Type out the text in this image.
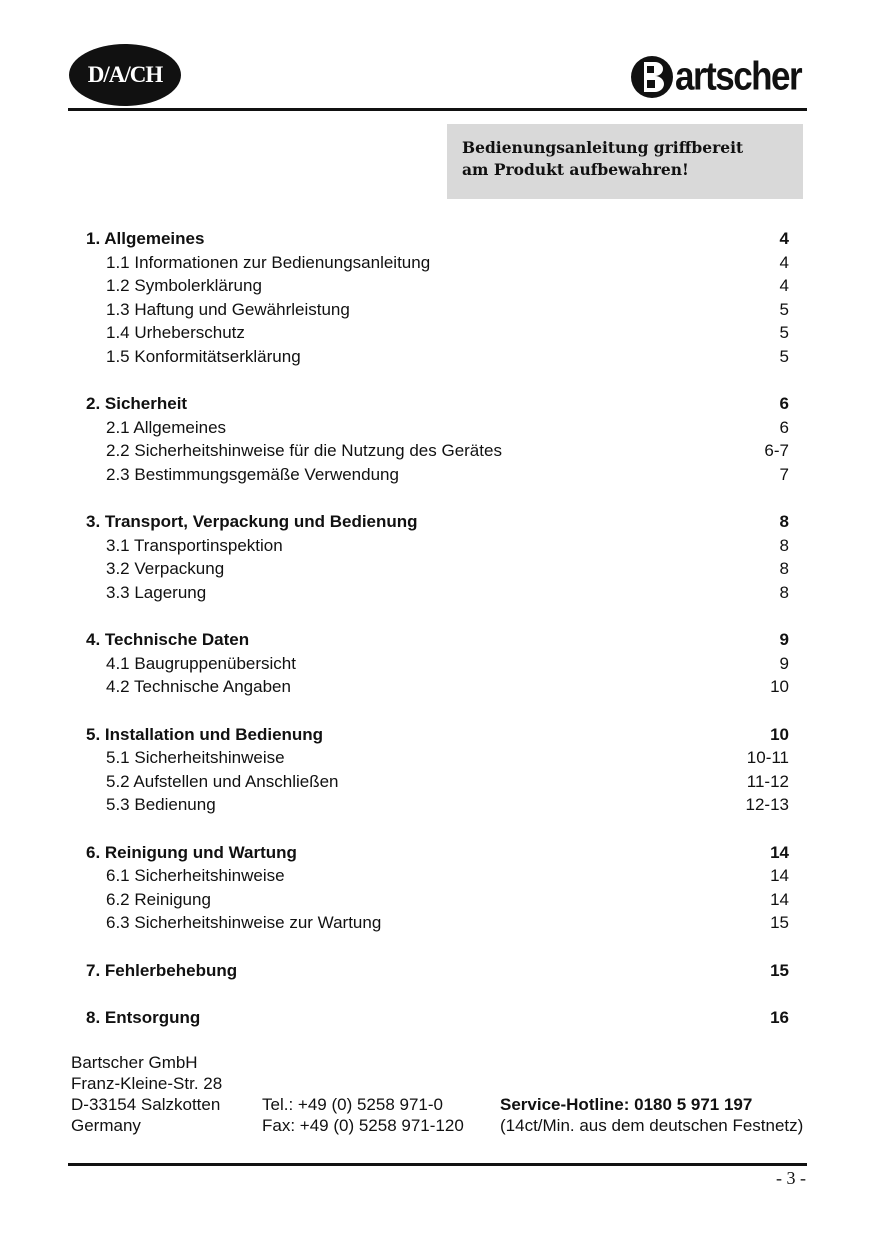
D/A/CH
B
artscher
Bedienungsanleitung griffbereit
am Produkt aufbewahren!
1. Allgemeines	4
1.1 Informationen zur Bedienungsanleitung	4
1.2 Symbolerklärung	4
1.3 Haftung und Gewährleistung	5
1.4 Urheberschutz	5
1.5 Konformitätserklärung	5
2. Sicherheit	6
2.1 Allgemeines	6
2.2 Sicherheitshinweise für die Nutzung des Gerätes	6-7
2.3 Bestimmungsgemäße Verwendung	7
3. Transport, Verpackung und Bedienung	8
3.1 Transportinspektion	8
3.2 Verpackung	8
3.3 Lagerung	8
4. Technische Daten	9
4.1 Baugruppenübersicht	9
4.2 Technische Angaben	10
5. Installation und Bedienung	10
5.1 Sicherheitshinweise	10-11
5.2 Aufstellen und Anschließen	11-12
5.3 Bedienung	12-13
6. Reinigung und Wartung	14
6.1 Sicherheitshinweise	14
6.2 Reinigung	14
6.3 Sicherheitshinweise zur Wartung	15
7. Fehlerbehebung	15
8. Entsorgung	16
Bartscher GmbH
Franz-Kleine-Str. 28
D-33154 Salzkotten	Tel.: +49 (0) 5258 971-0	Service-Hotline: 0180 5 971 197
Germany	Fax: +49 (0) 5258 971-120	(14ct/Min. aus dem deutschen Festnetz)
- 3 -
